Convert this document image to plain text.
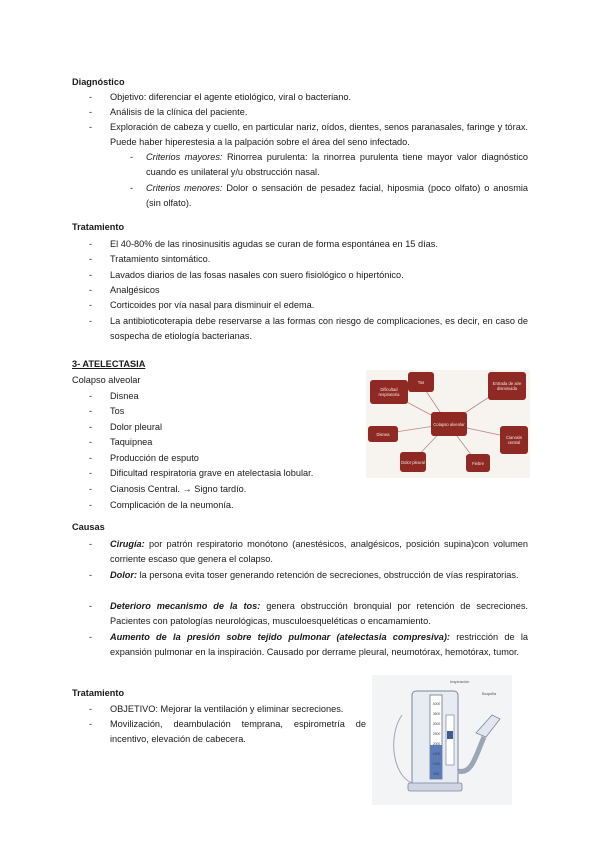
Diagnóstico
- Objetivo: diferenciar el agente etiológico, viral o bacteriano.
- Análisis de la clínica del paciente.
- Exploración de cabeza y cuello, en particular nariz, oídos, dientes, senos paranasales, faringe y tórax. Puede haber hiperestesia a la palpación sobre el área del seno infectado.
- Criterios mayores: Rinorrea purulenta: la rinorrea purulenta tiene mayor valor diagnóstico cuando es unilateral y/u obstrucción nasal.
- Criterios menores: Dolor o sensación de pesadez facial, hiposmia (poco olfato) o anosmia (sin olfato).
Tratamiento
- El 40-80% de las rinosinusitis agudas se curan de forma espontánea en 15 días.
- Tratamiento sintomático.
- Lavados diarios de las fosas nasales con suero fisiológico o hipertónico.
- Analgésicos
- Corticoides por vía nasal para disminuir el edema.
- La antibioticoterapia debe reservarse a las formas con riesgo de complicaciones, es decir, en caso de sospecha de etiología bacterianas.
3- ATELECTASIA
Colapso alveolar
- Disnea
- Tos
- Dolor pleural
- Taquipnea
- Producción de esputo
- Dificultad respiratoria grave en atelectasia lobular.
- Cianosis Central. → Signo tardío.
- Complicación de la neumonía.
Colapso alveolar
Dificultad respiratoria
Tos	Entrada de aire disminuida
Disnea
Cianosis central
Dolor pleural	Fiebre
Causas
- Cirugía: por patrón respiratorio monótono (anestésicos, analgésicos, posición supina)con volumen corriente escaso que genera el colapso.
- Dolor: la persona evita toser generando retención de secreciones, obstrucción de vías respiratorias.
- Deterioro mecanismo de la tos: genera obstrucción bronquial por retención de secreciones. Pacientes con patologías neurológicas, musculoesqueléticas o encamamiento.
- Aumento de la presión sobre tejido pulmonar (atelectasia compresiva): restricción de la expansión pulmonar en la inspiración. Causado por derrame pleural, neumotórax, hemotórax, tumor.
Tratamiento
- OBJETIVO: Mejorar la ventilación y eliminar secreciones.
- Movilización, deambulación temprana, espirometría de incentivo, elevación de cabecera.
Inspiración
Boquilla
4000
3500
3000
2500
2000
1500
1000
500
